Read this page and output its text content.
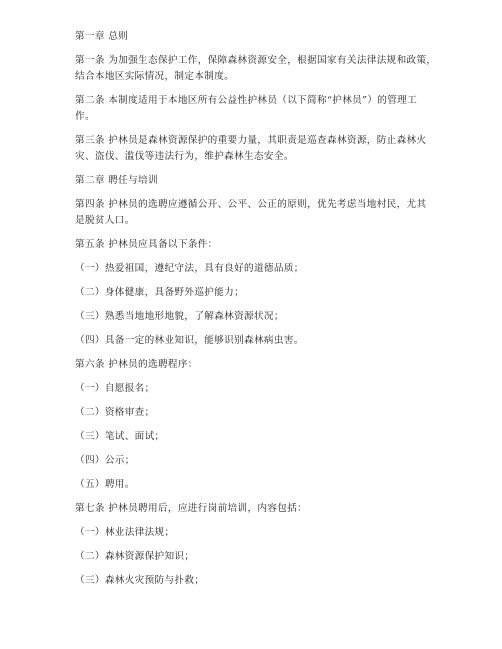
第一章 总则
第一条 为加强生态保护工作，保障森林资源安全，根据国家有关法律法规和政策，
结合本地区实际情况，制定本制度。
第二条 本制度适用于本地区所有公益性护林员（以下简称“护林员”）的管理工
作。
第三条 护林员是森林资源保护的重要力量，其职责是巡查森林资源，防止森林火
灾、盗伐、滥伐等违法行为，维护森林生态安全。
第二章 聘任与培训
第四条 护林员的选聘应遵循公开、公平、公正的原则，优先考虑当地村民，尤其
是脱贫人口。
第五条 护林员应具备以下条件：
（一）热爱祖国，遵纪守法，具有良好的道德品质；
（二）身体健康，具备野外巡护能力；
（三）熟悉当地地形地貌，了解森林资源状况；
（四）具备一定的林业知识，能够识别森林病虫害。
第六条 护林员的选聘程序：
（一）自愿报名；
（二）资格审查；
（三）笔试、面试；
（四）公示；
（五）聘用。
第七条 护林员聘用后，应进行岗前培训，内容包括：
（一）林业法律法规；
（二）森林资源保护知识；
（三）森林火灾预防与扑救；
